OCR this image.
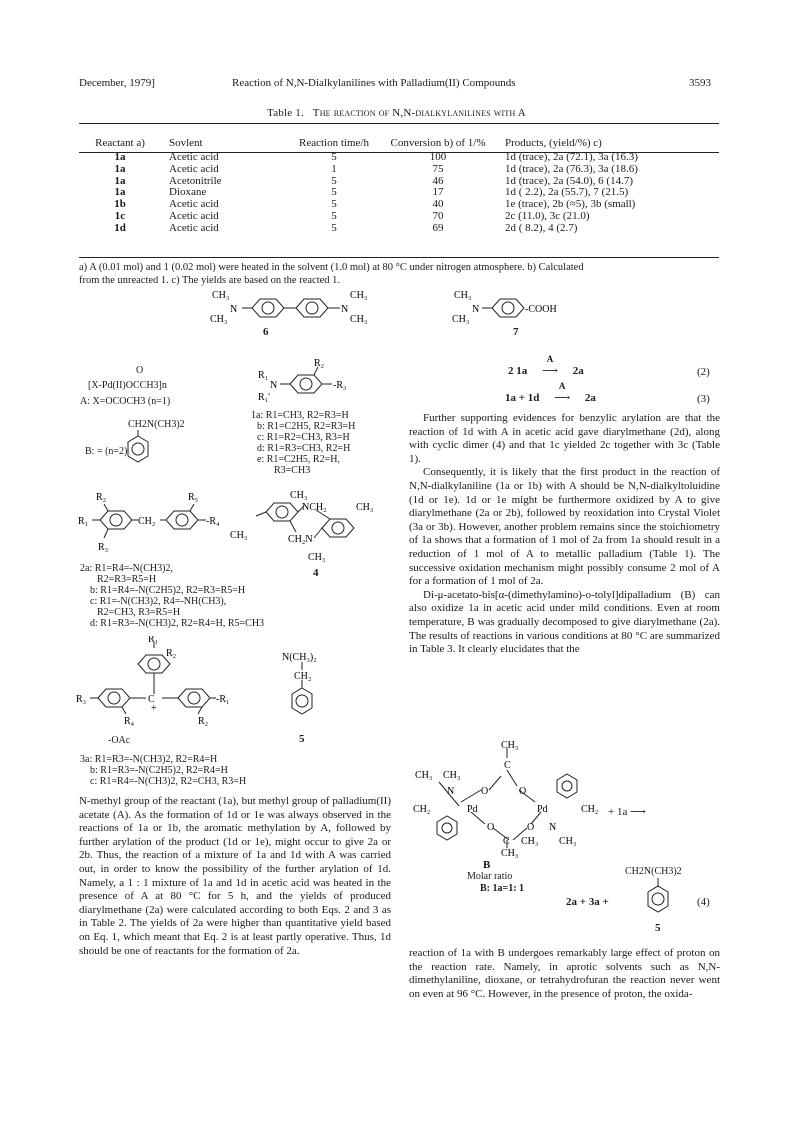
December, 1979]	Reaction of N,N-Dialkylanilines with Palladium(II) Compounds	3593
Table 1. The reaction of N,N-dialkylanilines with A
Reactant a)	Sovlent	Reaction time/h	Conversion b) of 1/%	Products, (yield/%) c)
1a	Acetic acid	5	100	1d (trace), 2a (72.1), 3a (16.3)
1a	Acetic acid	1	75	1d (trace), 2a (76.3), 3a (18.6)
1a	Acetonitrile	5	46	1d (trace), 2a (54.0), 6 (14.7)
1a	Dioxane	5	17	1d ( 2.2), 2a (55.7), 7 (21.5)
1b	Acetic acid	5	40	1e (trace), 2b (≈5), 3b (small)
1c	Acetic acid	5	70	2c (11.0), 3c (21.0)
1d	Acetic acid	5	69	2d ( 8.2), 4 (2.7)
a) A (0.01 mol) and 1 (0.02 mol) were heated in the solvent (1.0 mol) at 80 °C under nitrogen atmosphere. b) Calculated
from the unreacted 1. c) The yields are based on the reacted 1.
CH₃
N
CH₃
N
CH₃
CH₃
CH₃
N
CH₃
-COOH
6	7
O
[X-Pd(II)OCCH3]n
A: X=OCOCH3 (n=1)
CH2N(CH3)2
B: = (n=2)
R₂
R₁
N
R₁'
-R₃
1a: R1=CH3, R2=R3=H
b: R1=C2H5, R2=R3=H
c: R1=R2=CH3, R3=H
d: R1=R3=CH3, R2=H
e: R1=C2H5, R2=H,
R3=CH3
R₂	R₅
R₁	CH₂	-R₄
R₃
2a: R1=R4=-N(CH3)2,
R2=R3=R5=H
b: R1=R4=-N(C2H5)2, R2=R3=R5=H
c: R1=-N(CH3)2, R4=-NH(CH3),
R2=CH3, R3=R5=H
d: R1=R3=-N(CH3)2, R2=R4=H, R5=CH3
CH₃
NCH₂	CH₃
CH₃	CH₂N
CH₃
4
R₁
R₂
R₃	C
+
-R₁
R₄	R₂
-OAc
3a: R1=R3=-N(CH3)2, R2=R4=H
b: R1=R3=-N(C2H5)2, R2=R4=H
c: R1=R4=-N(CH3)2, R2=CH3, R3=H
N(CH₃)₂
CH₂
5

N-methyl group of the reactant (1a), but methyl group of palladium(II) acetate (A). As the formation of 1d or 1e was always observed in the reactions of 1a or 1b, the aromatic methylation by A, followed by further arylation of the product (1d or 1e), might occur to give 2a or 2b. Thus, the reaction of a mixture of 1a and 1d with A was carried out, in order to know the possibility of the further arylation of 1d. Namely, a 1 : 1 mixture of 1a and 1d in acetic acid was heated in the presence of A at 80 °C for 5 h, and the yields of produced diarylmethane (2a) were calculated according to both Eqs. 2 and 3 as in Table 2. The yields of 2a were higher than quantitative yield based on Eq. 1, which meant that Eq. 2 is at least partly operative. Thus, 1d should be one of reactants for the formation of 2a.

2 1a
A
⟶ 2a	(2)
1a + 1d
A
⟶ 2a	(3)

Further supporting evidences for benzylic arylation are that the reaction of 1d with A in acetic acid gave diarylmethane (2d), along with cyclic dimer (4) and that 1c yielded 2c together with 3c (Table 1).

Consequently, it is likely that the first product in the reaction of N,N-dialkylaniline (1a or 1b) with A should be N,N-dialkyltoluidine (1d or 1e). 1d or 1e might be furthermore oxidized by A to give diarylmethane (2a or 2b), followed by reoxidation into Crystal Violet (3a or 3b). However, another problem remains since the stoichiometry of 1a shows that a formation of 1 mol of 2a from 1a should result in a reduction of 1 mol of A to metallic palladium (Table 1). The successive oxidation mechanism might possibly consume 2 mol of A for a formation of 1 mol of 2a.

Di-μ-acetato-bis[α-(dimethylamino)-o-tolyl]dipalladium (B) can also oxidize 1a in acetic acid under mild conditions. Even at room temperature, B was gradually decomposed to give diarylmethane (2a). The results of reactions in various conditions at 80 °C are summarized in Table 3. It clearly elucidates that the

CH₃
C
CH₃ CH₃
N	O	O
CH₂	Pd	Pd	CH₂
O	O N
C CH₃ CH₃
CH₃
+ 1a ⟶
B
Molar ratio
B: 1a=1: 1
CH2N(CH3)2
2a + 3a +	(4)
5

reaction of 1a with B undergoes remarkably large effect of proton on the reaction rate. Namely, in aprotic solvents such as N,N-dimethylaniline, dioxane, or tetrahydrofuran the reaction never went on even at 96 °C. However, in the presence of proton, the oxida-
